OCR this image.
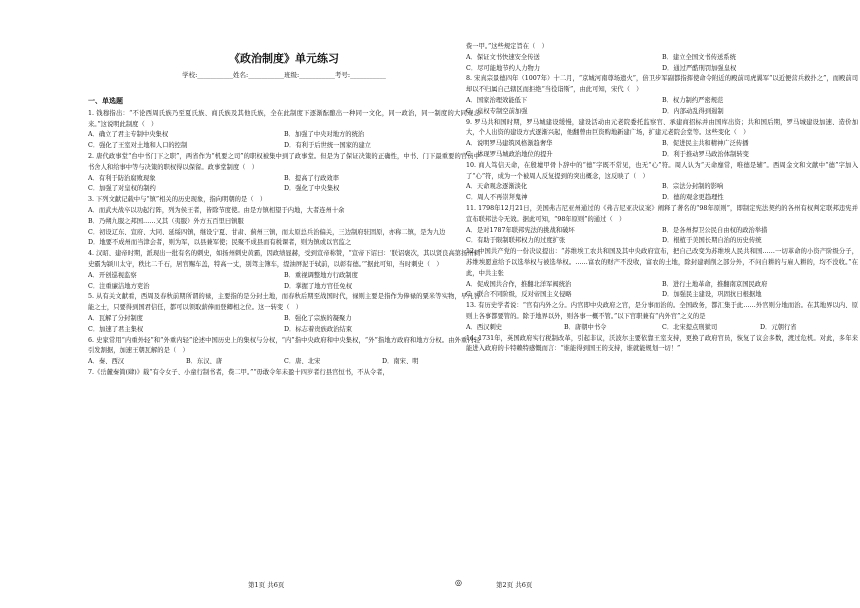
《政治制度》单元练习
学校:___________姓名:___________班级:___________考号:___________
一、单选题

1. 钱穆指出：“不论西周氏族乃至夏氏族、商氏族及其他氏族，全在此制度下逐渐酝酿出一种同一文化，同一政治，同一制度的大同观念来。”这说明此制度（　）

A．确立了君主专制中央集权	B．加强了中央对地方的统治
C．强化了王室对土地和人口的控制	D．有利于后世统一国家的建立

2. 唐代政事堂“台中书门下之职”，两省作为“机要之司”的职权被集中到了政事堂。但是为了保证决策的正确性，中书、门下最重要的官员中书舍人和给事中等与决策的职权得以保留。政事堂制度（　）

A．有利于防治腐败现象	B．提高了行政效率
C．加强了对皇权的制约	D．强化了中央集权

3. 下列文献记载中与“镇”相关的历史现象，指向明朝的是（　）

A．而武夫战卒以功起行阵，列为侯王者，皆除节度使。由是方镇相望于内地，大者连州十余
B．乃朔九服之邦国……又其（夷服）外方五百里曰镇服
C．初设辽东、宣府、大同、延绥四镇，继设宁夏、甘肃、蓟州三镇，而太原总兵治偏关，三边制府驻固原，亦称二镇，是为九边
D．地要不成州而当津会者，则为军，以县兼军使；民聚不成县而有税课者，则为镇或以官监之

4. 汉昭、建帝时期，派现出一批有名的刺史，如扬州刺史黄霸，因政绩显赫，受到宣帝称赞，“宣帝下诏曰：‘朕诏褒次，其以贤良高第扬州刺史霸为颍川太守，秩比二千石，居官赐车盖，特高一丈，别驾主簿车，缇油屏泥于轼前，以彰有德。’”据此可知，当时刺史（　）

A．开创巡视监察	B．重视调整地方行政制度
C．注重廉洁地方吏治	D．掌握了地方官任免权

5. 从有关文献看，西周及春秋前期所谓的禄，主要指的是分封土地，而春秋后期至战国时代，禄则主要是指作为俸禄的粟米等实物，早凡智能之士，只要得到国君信任，都可以领取薪俸而登卿相之位。这一转变（　）

A．瓦解了分封制度	B．强化了宗族的凝聚力
C．加速了君主集权	D．标志着贵族政治结束

6. 史家常用“内重外轻”和“外重内轻”论述中国历史上的集权与分权，“内”指中央政府和中央集权，“外”指地方政府和地方分权。由外重内轻引发割据，加速王朝瓦解的是（　）

A．秦、西汉	B．东汉、唐	C．唐、北宋	D．南宋、明

7.《岳麓秦简(肆)》载“有令女子、小童行制书者，赀二甲。”“毋敢令年未盈十四岁者行县官恒书，不从令者，

赀一甲。”这些规定旨在（　）

A．保证文书快速安全传送	B．建立全国文书传送系统
C．尽可能地节约人力物力	D．通过严酷刑罚加强皇权

8. 宋真宗景德四年（1007年）十二月，“京城河南尊场遗火”，倍卫步军副都指挥使命令附近的殿前司虎翼军“以近便营兵救扑之”，而殿前司却以不归属自己辖区而拒绝“当役诣斯”，由此可知，宋代（　）

A．国家治理效能低下	B．权力制约严密规范
C．皇权专制空前加强	D．内部动乱得到遏制

9. 罗马共和国时期，罗马城建设缓慢，建设活动由元老院委托监察官、承建商招标并由国库出资；共和国后期，罗马城建设加速、造价加大，个人出资的建设方式逐渐兴起，他翻曾由巨资购地新建广场，扩建元老院会堂等。这些变化（　）

A．说明罗马建筑风格渐趋奢华	B．促进民主共和精神广泛传播
C．体现罗马城政治地位的提升	D．利于推动罗马政治体制转变

10. 商人笃信天命，在殷墟甲骨卜辞中的“德”字既不常见，也无“心”符。周人认为“天命靡常，唯德是辅”。西周金文和文献中“德”字加入了“心”符，成为一个被周人反复提到的突出概念，这反映了（　）

A．天命观念逐渐淡化	B．宗法分封制的影响
C．周人不再崇拜鬼神	D．德的观念更趋理性

11. 1798年12月21日，美国弗吉尼亚州通过的《弗吉尼亚决议案》阐释了著名的“98年原则”，即制定宪法契约的各州有权判定联邦违宪并宣布联邦法令无效。据此可知，“98年原则”的通过（　）

A．是对1787年联邦宪法的挑战和破坏	B．是各州捍卫公民自由权的政治举措
C．有助于限制联邦权力的过度扩张	D．根植于美国长期自治的历史传统

12. 中国共产党的一份决议提出：“苏维埃工农共和国及其中央政府宣布，把自己改变为苏维埃人民共和国……一切革命的小资产阶级分子，苏维埃愿意给予以选举权与被选举权。……富农的财产不没收，富农的土地，除封建剥削之部分外，不问自耕的与雇人耕的，均不没收。”在此，中共主张

A．促成国共合作，推翻北洋军阀统治	B．进行土地革命，推翻南京国民政府
C．联合不同阶级，反对帝国主义侵略	D．加强民主建设，巩固抗日根据地

13. 有历史学者说：“官有内外之分。内官即中央政府之官，是分事而治的。全国政务，都汇集于此……外官则分地而治。在其地界以内、原则上各事都要管的。除于地界以外，则各事一概不管。”以下官职兼有“内外官”之义的是

A．西汉刺史	B．唐朝中书令	C．北宋提点刑狱司	D．元朝行省

14. 1731年，英国政府实行税制改革，引起非议，沃波尔主要依靠王室支持，更换了政府官员，恢复了议会多数，渡过危机。对此，多年来能进入政府的卡特赖特感慨而言：“谁能得到国王的支持，谁就能规划一切！”

第1页 共6页	◎	第2页 共6页
